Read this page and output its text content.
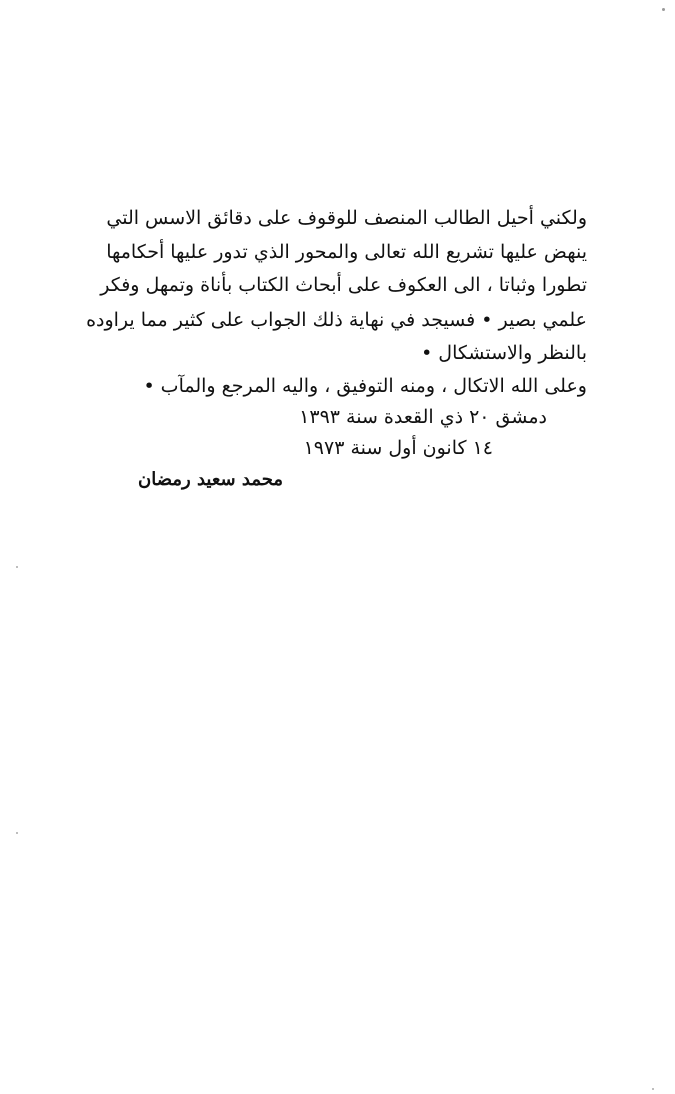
ولكني أحيل الطالب المنصف للوقوف على دقائق الاسس التي
ينهض عليها تشريع الله تعالى والمحور الذي تدور عليها أحكامها
تطورا وثباتا ، الى العكوف على أبحاث الكتاب بأناة وتمهل وفكر
علمي بصير • فسيجد في نهاية ذلك الجواب على كثير مما يراوده
بالنظر والاستشكال •
وعلى الله الاتكال ، ومنه التوفيق ، واليه المرجع والمآب •
دمشق ٢٠ ذي القعدة سنة ١٣٩٣
١٤ كانون أول سنة ١٩٧٣
محمد سعيد رمضان
